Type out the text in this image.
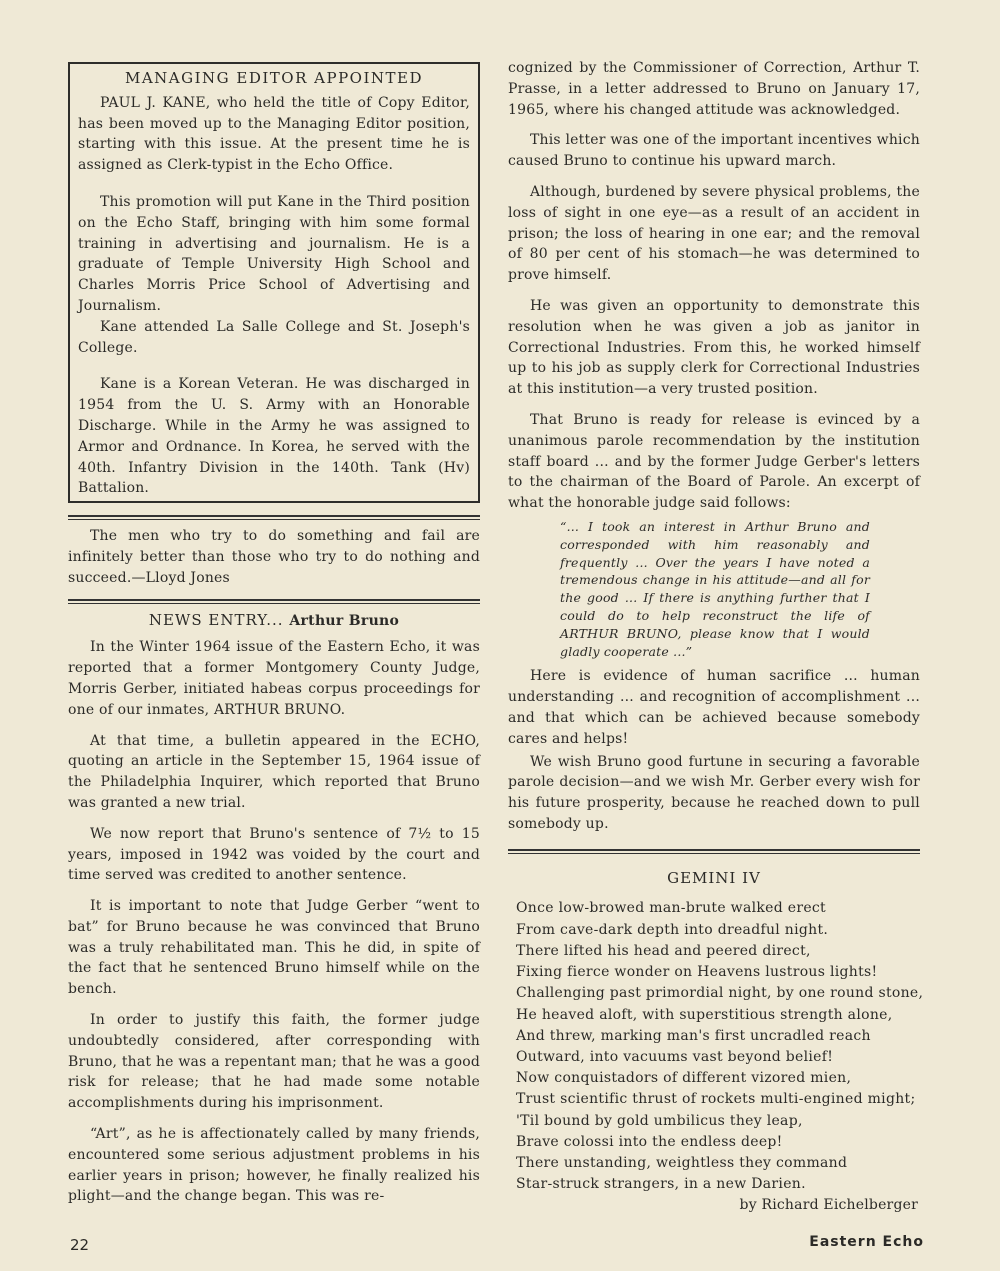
MANAGING EDITOR APPOINTED

PAUL J. KANE, who held the title of Copy Editor, has been moved up to the Managing Editor position, starting with this issue. At the present time he is assigned as Clerk-typist in the Echo Office.

This promotion will put Kane in the Third position on the Echo Staff, bringing with him some formal training in advertising and journalism. He is a graduate of Temple University High School and Charles Morris Price School of Advertising and Journalism.

Kane attended La Salle College and St. Joseph's College.

Kane is a Korean Veteran. He was discharged in 1954 from the U. S. Army with an Honorable Discharge. While in the Army he was assigned to Armor and Ordnance. In Korea, he served with the 40th. Infantry Division in the 140th. Tank (Hv) Battalion.

The men who try to do something and fail are infinitely better than those who try to do nothing and succeed.—Lloyd Jones

NEWS ENTRY... Arthur Bruno

In the Winter 1964 issue of the Eastern Echo, it was reported that a former Montgomery County Judge, Morris Gerber, initiated habeas corpus proceedings for one of our inmates, ARTHUR BRUNO.

At that time, a bulletin appeared in the ECHO, quoting an article in the September 15, 1964 issue of the Philadelphia Inquirer, which reported that Bruno was granted a new trial.

We now report that Bruno's sentence of 7½ to 15 years, imposed in 1942 was voided by the court and time served was credited to another sentence.

It is important to note that Judge Gerber “went to bat” for Bruno because he was convinced that Bruno was a truly rehabilitated man. This he did, in spite of the fact that he sentenced Bruno himself while on the bench.

In order to justify this faith, the former judge undoubtedly considered, after corresponding with Bruno, that he was a repentant man; that he was a good risk for release; that he had made some notable accomplishments during his imprisonment.

“Art”, as he is affectionately called by many friends, encountered some serious adjustment problems in his earlier years in prison; however, he finally realized his plight—and the change began. This was re-

cognized by the Commissioner of Correction, Arthur T. Prasse, in a letter addressed to Bruno on January 17, 1965, where his changed attitude was acknowledged.

This letter was one of the important incentives which caused Bruno to continue his upward march.

Although, burdened by severe physical problems, the loss of sight in one eye—as a result of an accident in prison; the loss of hearing in one ear; and the removal of 80 per cent of his stomach—he was determined to prove himself.

He was given an opportunity to demonstrate this resolution when he was given a job as janitor in Correctional Industries. From this, he worked himself up to his job as supply clerk for Correctional Industries at this institution—a very trusted position.

That Bruno is ready for release is evinced by a unanimous parole recommendation by the institution staff board ... and by the former Judge Gerber's letters to the chairman of the Board of Parole. An excerpt of what the honorable judge said follows:

“... I took an interest in Arthur Bruno and corresponded with him reasonably and frequently ... Over the years I have noted a tremendous change in his attitude—and all for the good ... If there is anything further that I could do to help reconstruct the life of ARTHUR BRUNO, please know that I would gladly cooperate ...”

Here is evidence of human sacrifice ... human understanding ... and recognition of accomplishment ... and that which can be achieved because somebody cares and helps!

We wish Bruno good furtune in securing a favorable parole decision—and we wish Mr. Gerber every wish for his future prosperity, because he reached down to pull somebody up.

GEMINI IV
Once low-browed man-brute walked erect
From cave-dark depth into dreadful night.
There lifted his head and peered direct,
Fixing fierce wonder on Heavens lustrous lights!
Challenging past primordial night, by one round stone,
He heaved aloft, with superstitious strength alone,
And threw, marking man's first uncradled reach
Outward, into vacuums vast beyond belief!
Now conquistadors of different vizored mien,
Trust scientific thrust of rockets multi-engined might;
'Til bound by gold umbilicus they leap,
Brave colossi into the endless deep!
There unstanding, weightless they command
Star-struck strangers, in a new Darien.
by Richard Eichelberger
22	Eastern Echo
